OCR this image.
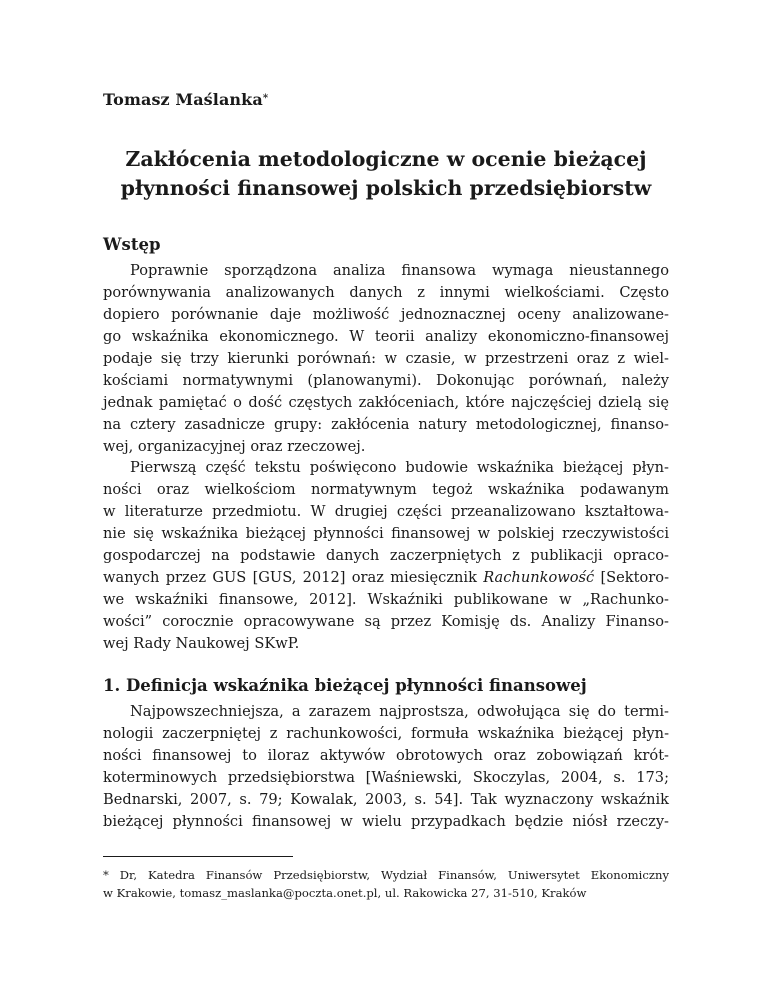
Tomasz Maślanka*
Zakłócenia metodologiczne w ocenie bieżącej
płynności finansowej polskich przedsiębiorstw
Wstęp
Poprawnie sporządzona analiza finansowa wymaga nieustannego
porównywania analizowanych danych z innymi wielkościami. Często
dopiero porównanie daje możliwość jednoznacznej oceny analizowane-
go wskaźnika ekonomicznego. W teorii analizy ekonomiczno-finansowej
podaje się trzy kierunki porównań: w czasie, w przestrzeni oraz z wiel-
kościami normatywnymi (planowanymi). Dokonując porównań, należy
jednak pamiętać o dość częstych zakłóceniach, które najczęściej dzielą się
na cztery zasadnicze grupy: zakłócenia natury metodologicznej, finanso-
wej, organizacyjnej oraz rzeczowej.
Pierwszą część tekstu poświęcono budowie wskaźnika bieżącej płyn-
ności oraz wielkościom normatywnym tegoż wskaźnika podawanym
w literaturze przedmiotu. W drugiej części przeanalizowano kształtowa-
nie się wskaźnika bieżącej płynności finansowej w polskiej rzeczywistości
gospodarczej na podstawie danych zaczerpniętych z publikacji opraco-
wanych przez GUS [GUS, 2012] oraz miesięcznik Rachunkowość [Sektoro-
we wskaźniki finansowe, 2012]. Wskaźniki publikowane w „Rachunko-
wości” corocznie opracowywane są przez Komisję ds. Analizy Finanso-
wej Rady Naukowej SKwP.
1. Definicja wskaźnika bieżącej płynności finansowej
Najpowszechniejsza, a zarazem najprostsza, odwołująca się do termi-
nologii zaczerpniętej z rachunkowości, formuła wskaźnika bieżącej płyn-
ności finansowej to iloraz aktywów obrotowych oraz zobowiązań krót-
koterminowych przedsiębiorstwa [Waśniewski, Skoczylas, 2004, s. 173;
Bednarski, 2007, s. 79; Kowalak, 2003, s. 54]. Tak wyznaczony wskaźnik
bieżącej płynności finansowej w wielu przypadkach będzie niósł rzeczy-
* Dr, Katedra Finansów Przedsiębiorstw, Wydział Finansów, Uniwersytet Ekonomiczny
w Krakowie, tomasz_maslanka@poczta.onet.pl, ul. Rakowicka 27, 31-510, Kraków
